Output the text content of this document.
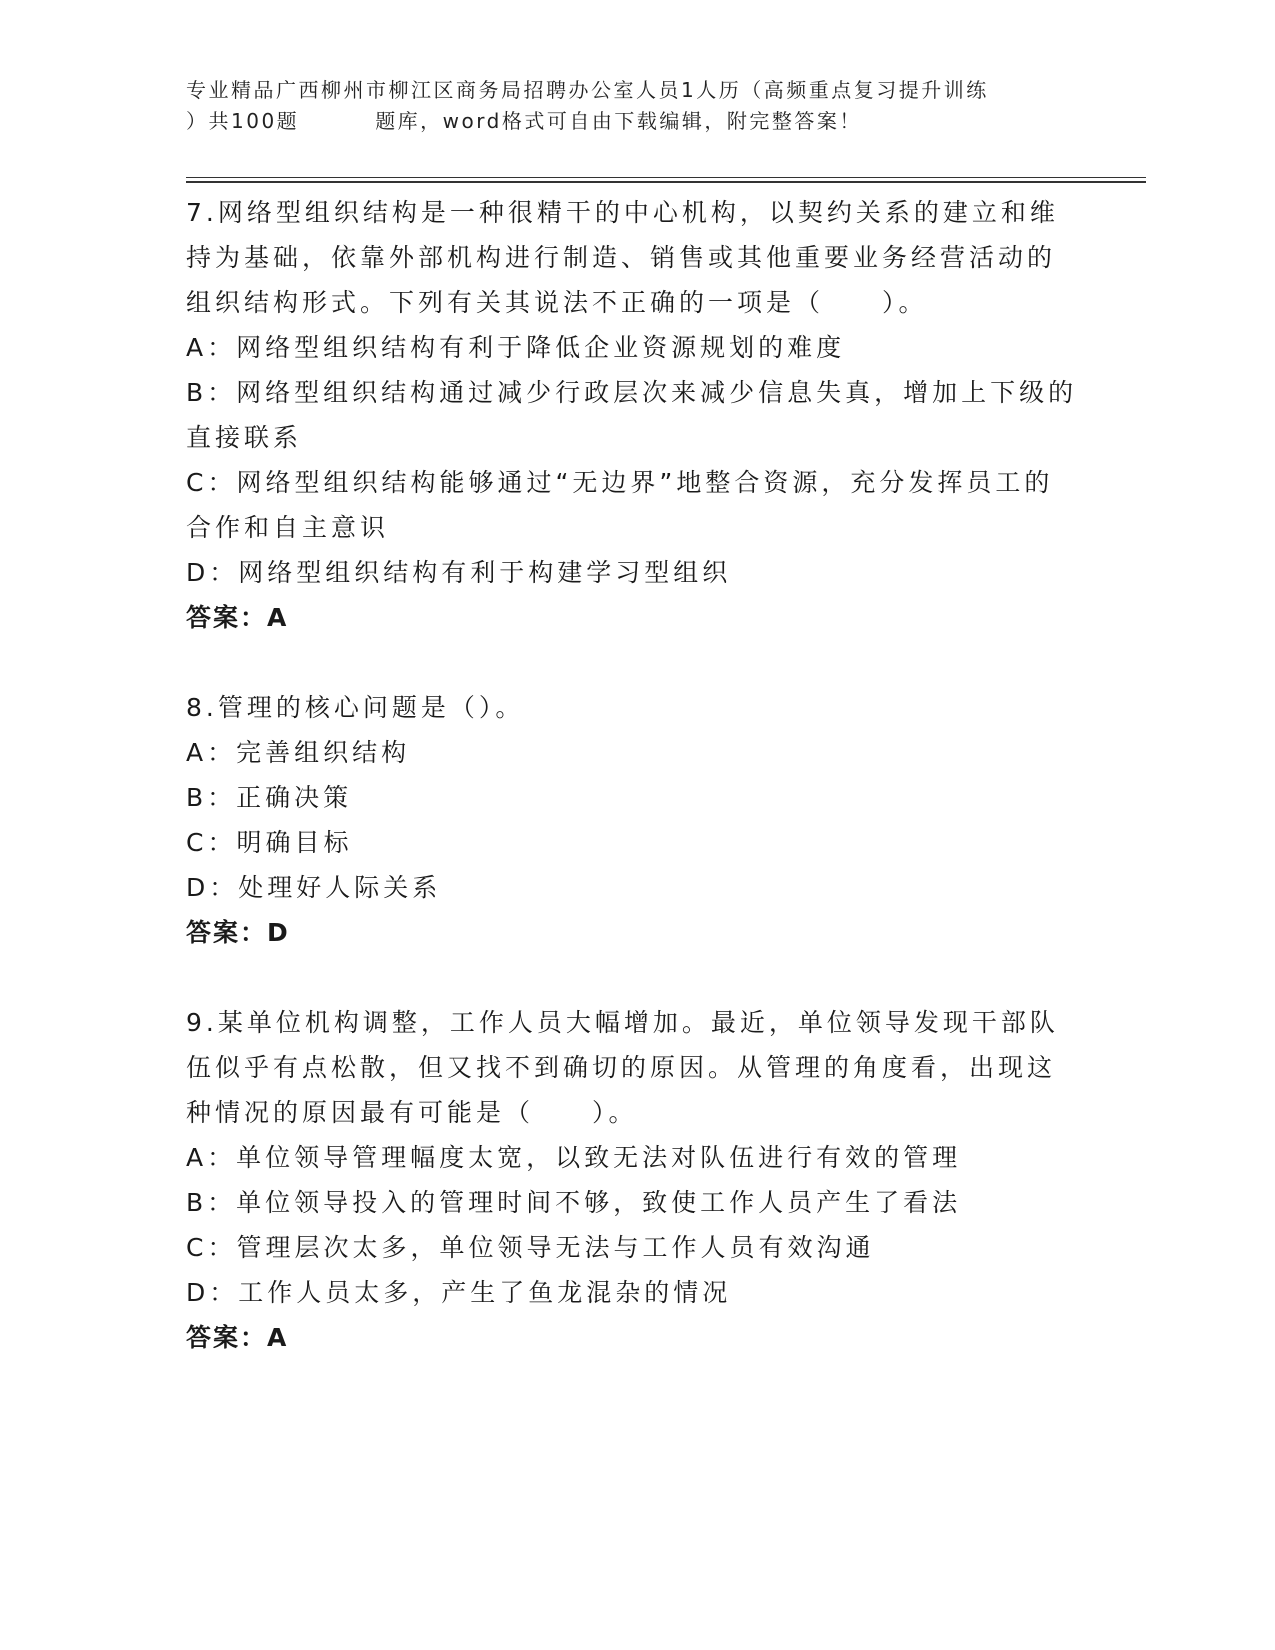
专业精品广西柳州市柳江区商务局招聘办公室人员1人历（高频重点复习提升训练
）共100题	题库，word格式可自由下载编辑，附完整答案！
7.网络型组织结构是一种很精干的中心机构，以契约关系的建立和维
持为基础，依靠外部机构进行制造、销售或其他重要业务经营活动的
组织结构形式。下列有关其说法不正确的一项是（　　）。
A：网络型组织结构有利于降低企业资源规划的难度
B：网络型组织结构通过减少行政层次来减少信息失真，增加上下级的
直接联系
C：网络型组织结构能够通过“无边界”地整合资源，充分发挥员工的
合作和自主意识
D：网络型组织结构有利于构建学习型组织
答案：A
8.管理的核心问题是（）。
A：完善组织结构
B：正确决策
C：明确目标
D：处理好人际关系
答案：D
9.某单位机构调整，工作人员大幅增加。最近，单位领导发现干部队
伍似乎有点松散，但又找不到确切的原因。从管理的角度看，出现这
种情况的原因最有可能是（　　）。
A：单位领导管理幅度太宽，以致无法对队伍进行有效的管理
B：单位领导投入的管理时间不够，致使工作人员产生了看法
C：管理层次太多，单位领导无法与工作人员有效沟通
D：工作人员太多，产生了鱼龙混杂的情况
答案：A
